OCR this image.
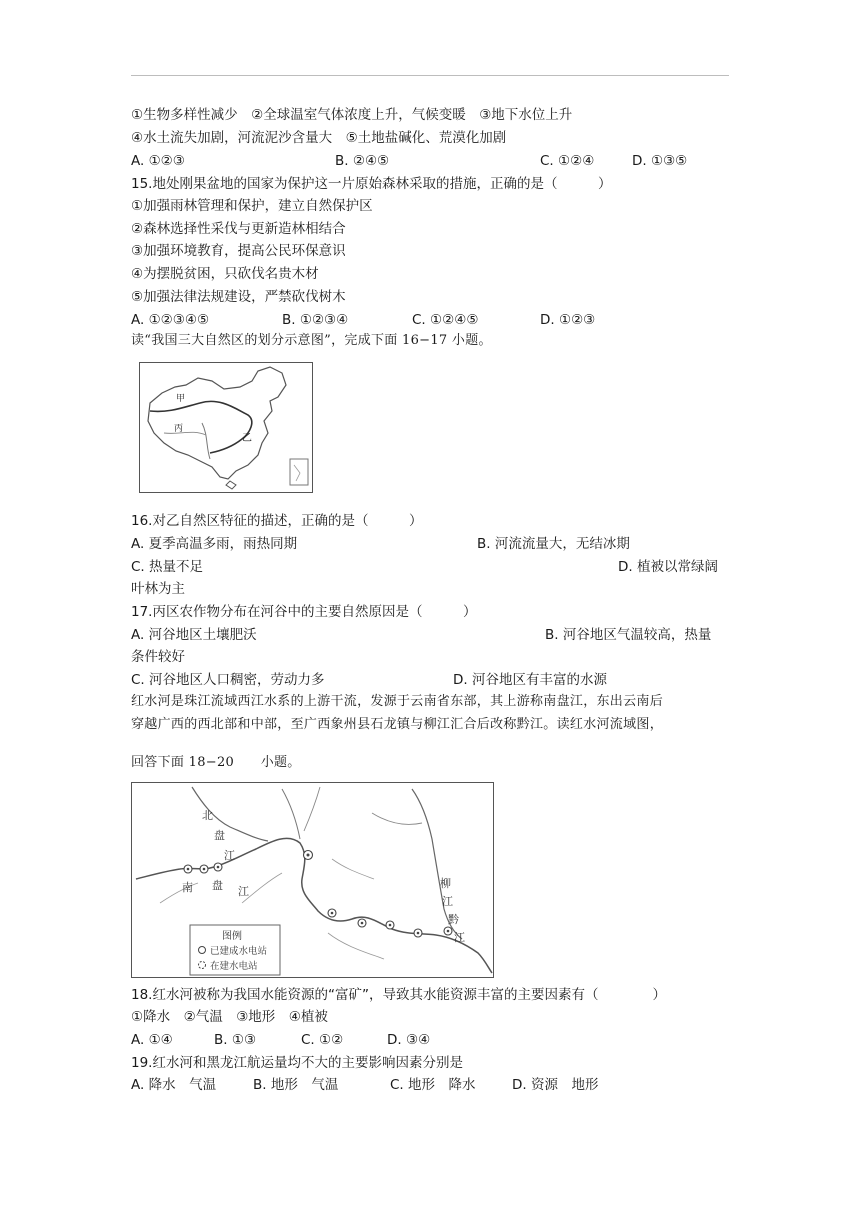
①生物多样性减少　②全球温室气体浓度上升，气候变暖　③地下水位上升
④水土流失加剧，河流泥沙含量大　⑤土地盐碱化、荒漠化加剧
A. ①②③	B. ②④⑤	C. ①②④	D. ①③⑤
15.地处刚果盆地的国家为保护这一片原始森林采取的措施，正确的是（　　　）
①加强雨林管理和保护，建立自然保护区
②森林选择性采伐与更新造林相结合
③加强环境教育，提高公民环保意识
④为摆脱贫困，只砍伐名贵木材
⑤加强法律法规建设，严禁砍伐树木
A. ①②③④⑤	B. ①②③④	C. ①②④⑤	D. ①②③
读“我国三大自然区的划分示意图”，完成下面 16−17 小题。
甲
丙
乙
16.对乙自然区特征的描述，正确的是（　　　）
A. 夏季高温多雨，雨热同期	B. 河流流量大，无结冰期
C. 热量不足	D. 植被以常绿阔
叶林为主
17.丙区农作物分布在河谷中的主要自然原因是（　　　）
A. 河谷地区土壤肥沃	B. 河谷地区气温较高，热量
条件较好
C. 河谷地区人口稠密，劳动力多	D. 河谷地区有丰富的水源
红水河是珠江流域西江水系的上游干流，发源于云南省东部，其上游称南盘江，东出云南后
穿越广西的西北部和中部，至广西象州县石龙镇与柳江汇合后改称黔江。读红水河流域图，
回答下面 18−20　　小题。
北
盘
江
南 盘 江
柳
江
黔
江
图例
已建成水电站
在建水电站
18.红水河被称为我国水能资源的“富矿”，导致其水能资源丰富的主要因素有（　　　　）
①降水　②气温　③地形　④植被
A. ①④	B. ①③	C. ①②	D. ③④
19.红水河和黑龙江航运量均不大的主要影响因素分别是
A. 降水　气温	B. 地形　气温	C. 地形　降水	D. 资源　地形
